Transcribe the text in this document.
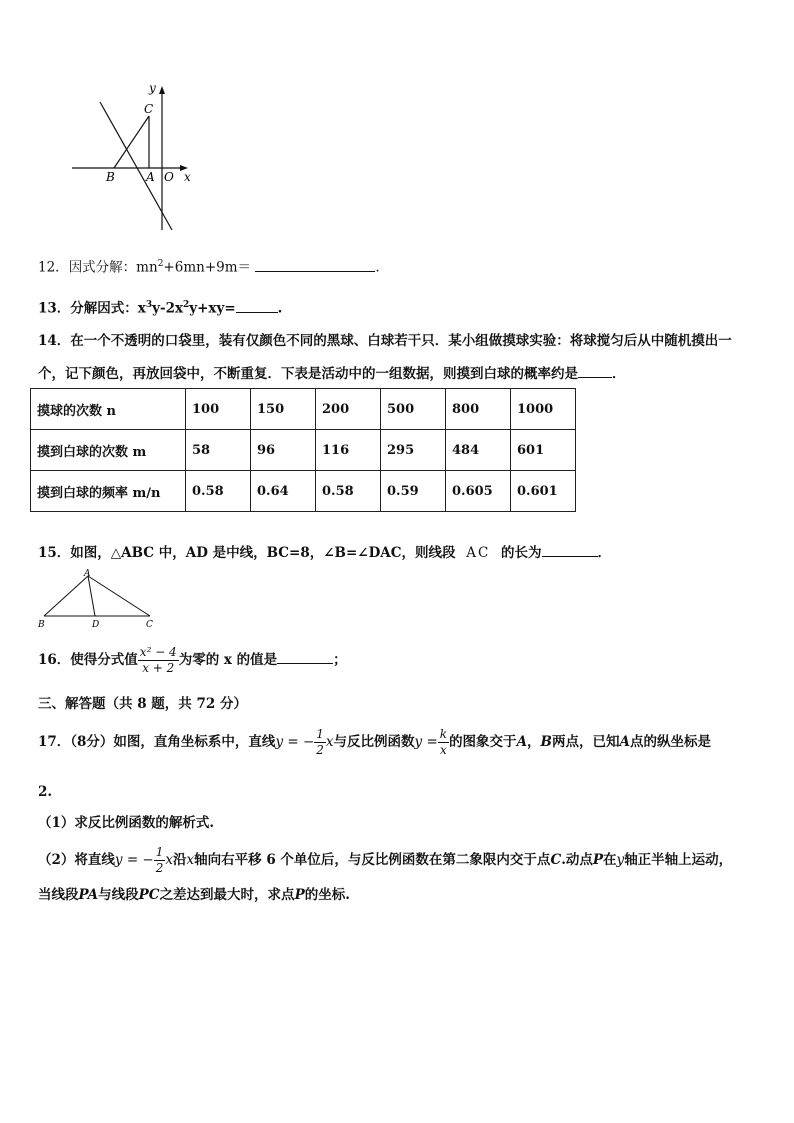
y
C
B	A O x
12．因式分解：$mn^2+6mn+9m=$	.
13．分解因式：$x^3y-2x^2y+xy=$	.
14．在一个不透明的口袋里，装有仅颜色不同的黑球、白球若干只．某小组做摸球实验：将球搅匀后从中随机摸出一
个，记下颜色，再放回袋中，不断重复．下表是活动中的一组数据，则摸到白球的概率约是	．
摸球的次数 n	100	150	200	500	800	1000
摸到白球的次数 m	58	96	116	295	484	601
摸到白球的频率 m/n	0.58	0.64	0.58	0.59	0.605	0.601
15．如图，△ABC 中，AD 是中线，BC=8，∠B=∠DAC，则线段 AC 的长为	．
A
B	D	C
16．使得分式值 $\frac{\text{x² − 4}}{x + 2}$ 为零的 x 的值是	；
三、解答题（共 8 题，共 72 分）
17．（8分）如图，直角坐标系中，直线y = − $\frac{1}{2}$ x与反比例函数$y = \frac{k}{x}$ 的图象交于A，B两点，已知A点的纵坐标是
2.
（1）求反比例函数的解析式.
（2）将直线y = − $\frac{1}{2}$ x沿x轴向右平移 6 个单位后，与反比例函数在第二象限内交于点C.动点P在y轴正半轴上运动，
当线段PA与线段PC之差达到最大时，求点P的坐标.
